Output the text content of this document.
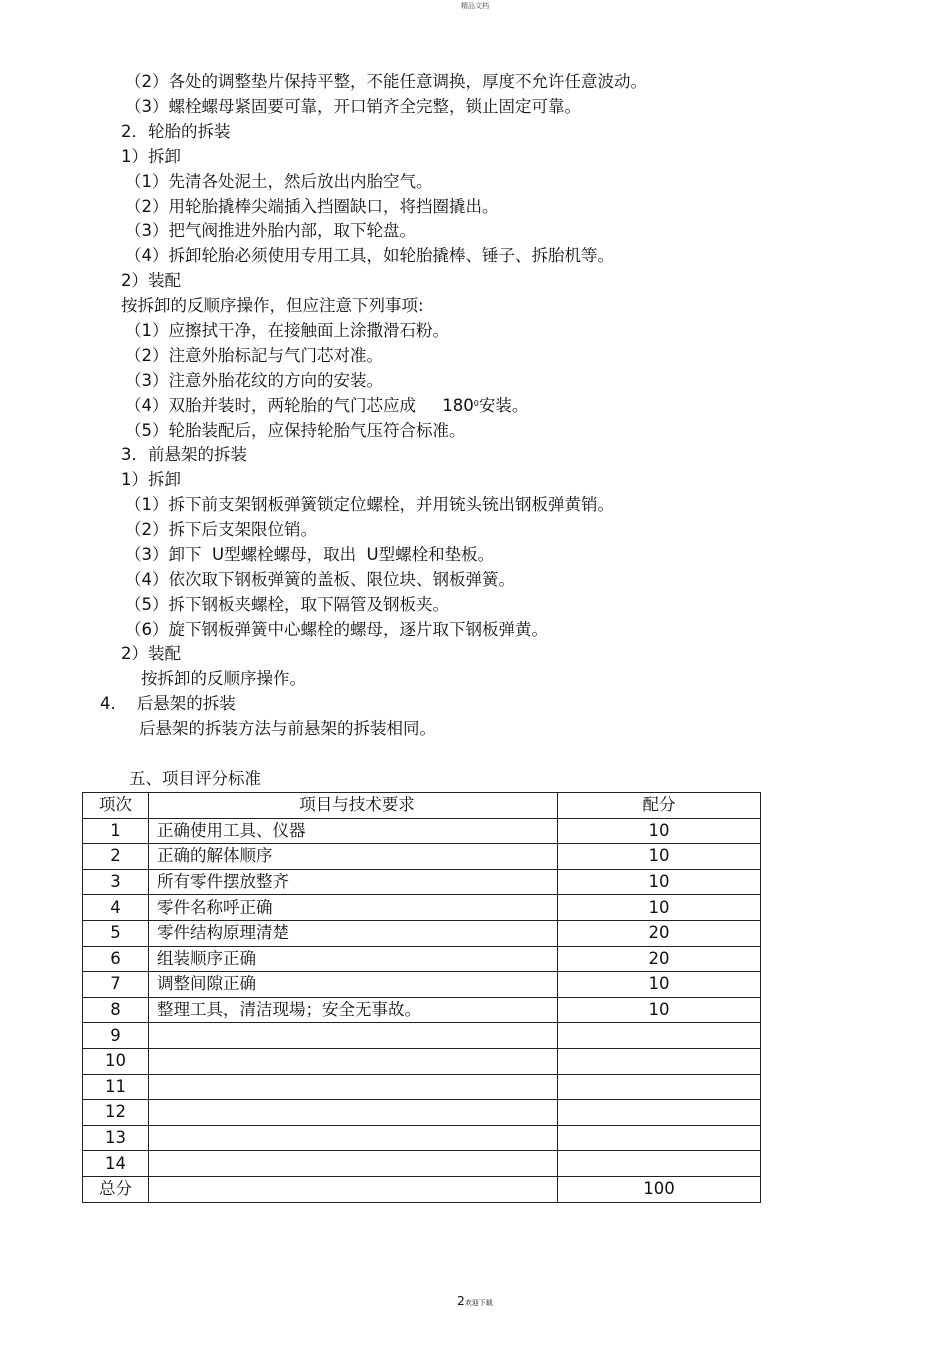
精品文档
（2）各处的调整垫片保持平整，不能任意调换，厚度不允许任意波动。
（3）螺栓螺母紧固要可靠，开口销齐全完整，锁止固定可靠。
2．轮胎的拆装
1）拆卸
（1）先清各处泥土，然后放出内胎空气。
（2）用轮胎撬棒尖端插入挡圈缺口，将挡圈撬出。
（3）把气阀推进外胎内部，取下轮盘。
（4）拆卸轮胎必须使用专用工具，如轮胎撬棒、锤子、拆胎机等。
2）装配
按拆卸的反顺序操作，但应注意下列事项:
（1）应擦拭干净，在接触面上涂撒滑石粉。
（2）注意外胎标記与气门芯对准。
（3）注意外胎花纹的方向的安装。
（4）双胎并装时，两轮胎的气门芯应成     $180^0$安装。
（5）轮胎装配后，应保持轮胎气压符合标准。
3．前悬架的拆装
1）拆卸
（1）拆下前支架钢板弹簧锁定位螺栓，并用铳头铳出钢板弹黄销。
（2）拆下后支架限位销。
（3）卸下  U型螺栓螺母，取出  U型螺栓和垫板。
（4）依次取下钢板弹簧的盖板、限位块、钢板弹簧。
（5）拆下钢板夹螺栓，取下隔管及钢板夹。
（6）旋下钢板弹簧中心螺栓的螺母，逐片取下钢板弹黄。
2）装配
按拆卸的反顺序操作。
4.    后悬架的拆装
后悬架的拆装方法与前悬架的拆装相同。
五、项目评分标准
项次	项目与技术要求	配分
1	正确使用工具、仪器	10
2	正确的解体顺序	10
3	所有零件摆放整齐	10
4	零件名称呼正确	10
5	零件结构原理清楚	20
6	组装顺序正确	20
7	调整间隙正确	10
8	整理工具，清洁现場；安全无事故。	10
9		
10		
11		
12		
13		
14		
总分		100
2欢迎下载
